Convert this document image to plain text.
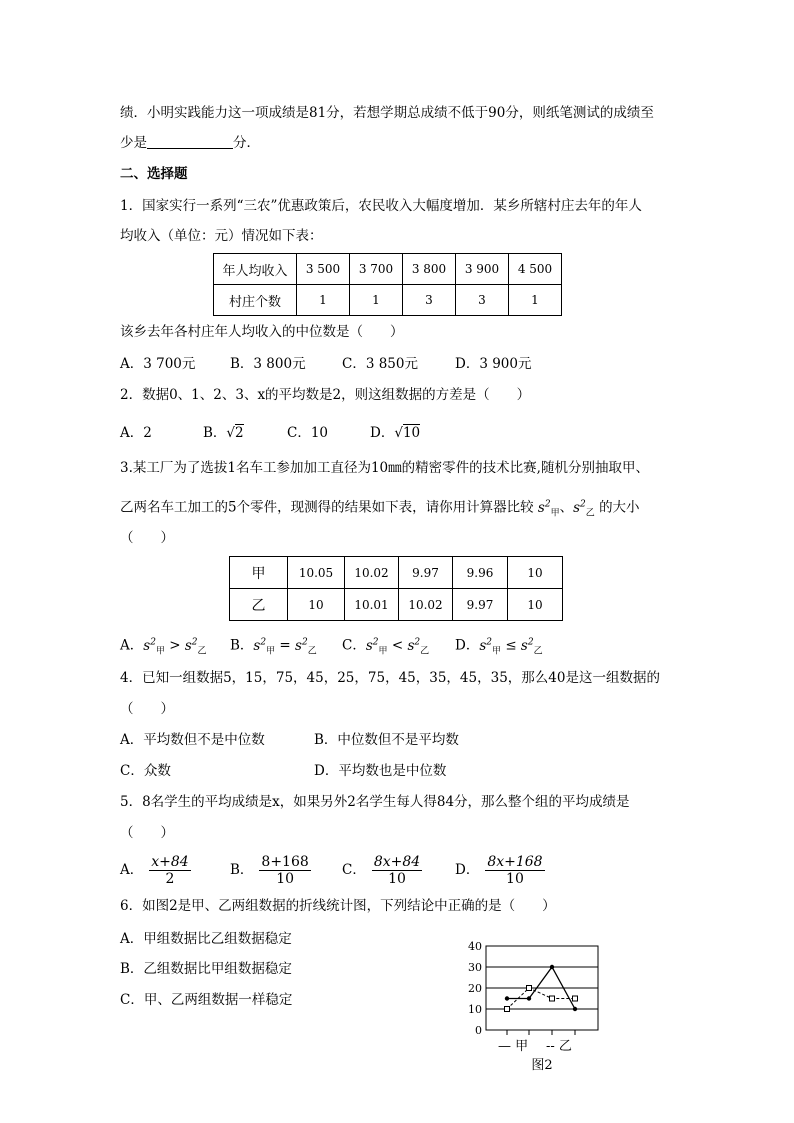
绩．小明实践能力这一项成绩是81分，若想学期总成绩不低于90分，则纸笔测试的成绩至
少是	分．
二、选择题
1．国家实行一系列“三农”优惠政策后，农民收入大幅度增加．某乡所辖村庄去年的年人
均收入（单位：元）情况如下表：
年人均收入	3 500	3 700	3 800	3 900	4 500
村庄个数	1	1	3	3	1
该乡去年各村庄年人均收入的中位数是（　　）
A．3 700元	B．3 800元	C．3 850元	D．3 900元
2．数据0、1、2、3、x的平均数是2，则这组数据的方差是（　　）
A．2	B．√2	C．10	D．√10
3.某工厂为了选拔1名车工参加加工直径为10㎜的精密零件的技术比赛,随机分别抽取甲、
乙两名车工加工的5个零件，现测得的结果如下表，请你用计算器比较 $s^2_甲$、$s^2_乙$ 的大小
（　　）
甲	10.05	10.02	9.97	9.96	10
乙	10	10.01	10.02	9.97	10
A．$s^2_甲 > s^2_乙$ B．$s^2_甲 = s^2_乙$ C．$s^2_甲 < s^2_乙$ D．$s^2_甲 \le s^2_乙$
4．已知一组数据5，15，75，45，25，75，45，35，45，35，那么40是这一组数据的
（　　）
A．平均数但不是中位数	B．中位数但不是平均数
C．众数	D．平均数也是中位数
5．8名学生的平均成绩是x，如果另外2名学生每人得84分，那么整个组的平均成绩是
（　　）
A． $\frac{x+84}{2}$	B． $\frac{8+168}{10}$ C． $\frac{8x+84}{10}$ D． $\frac{8x+168}{10}$
6．如图2是甲、乙两组数据的折线统计图，下列结论中正确的是（　　）
A．甲组数据比乙组数据稳定
B．乙组数据比甲组数据稳定
C．甲、乙两组数据一样稳定
0
10
20
30
40
— 甲 -- 乙
图2
